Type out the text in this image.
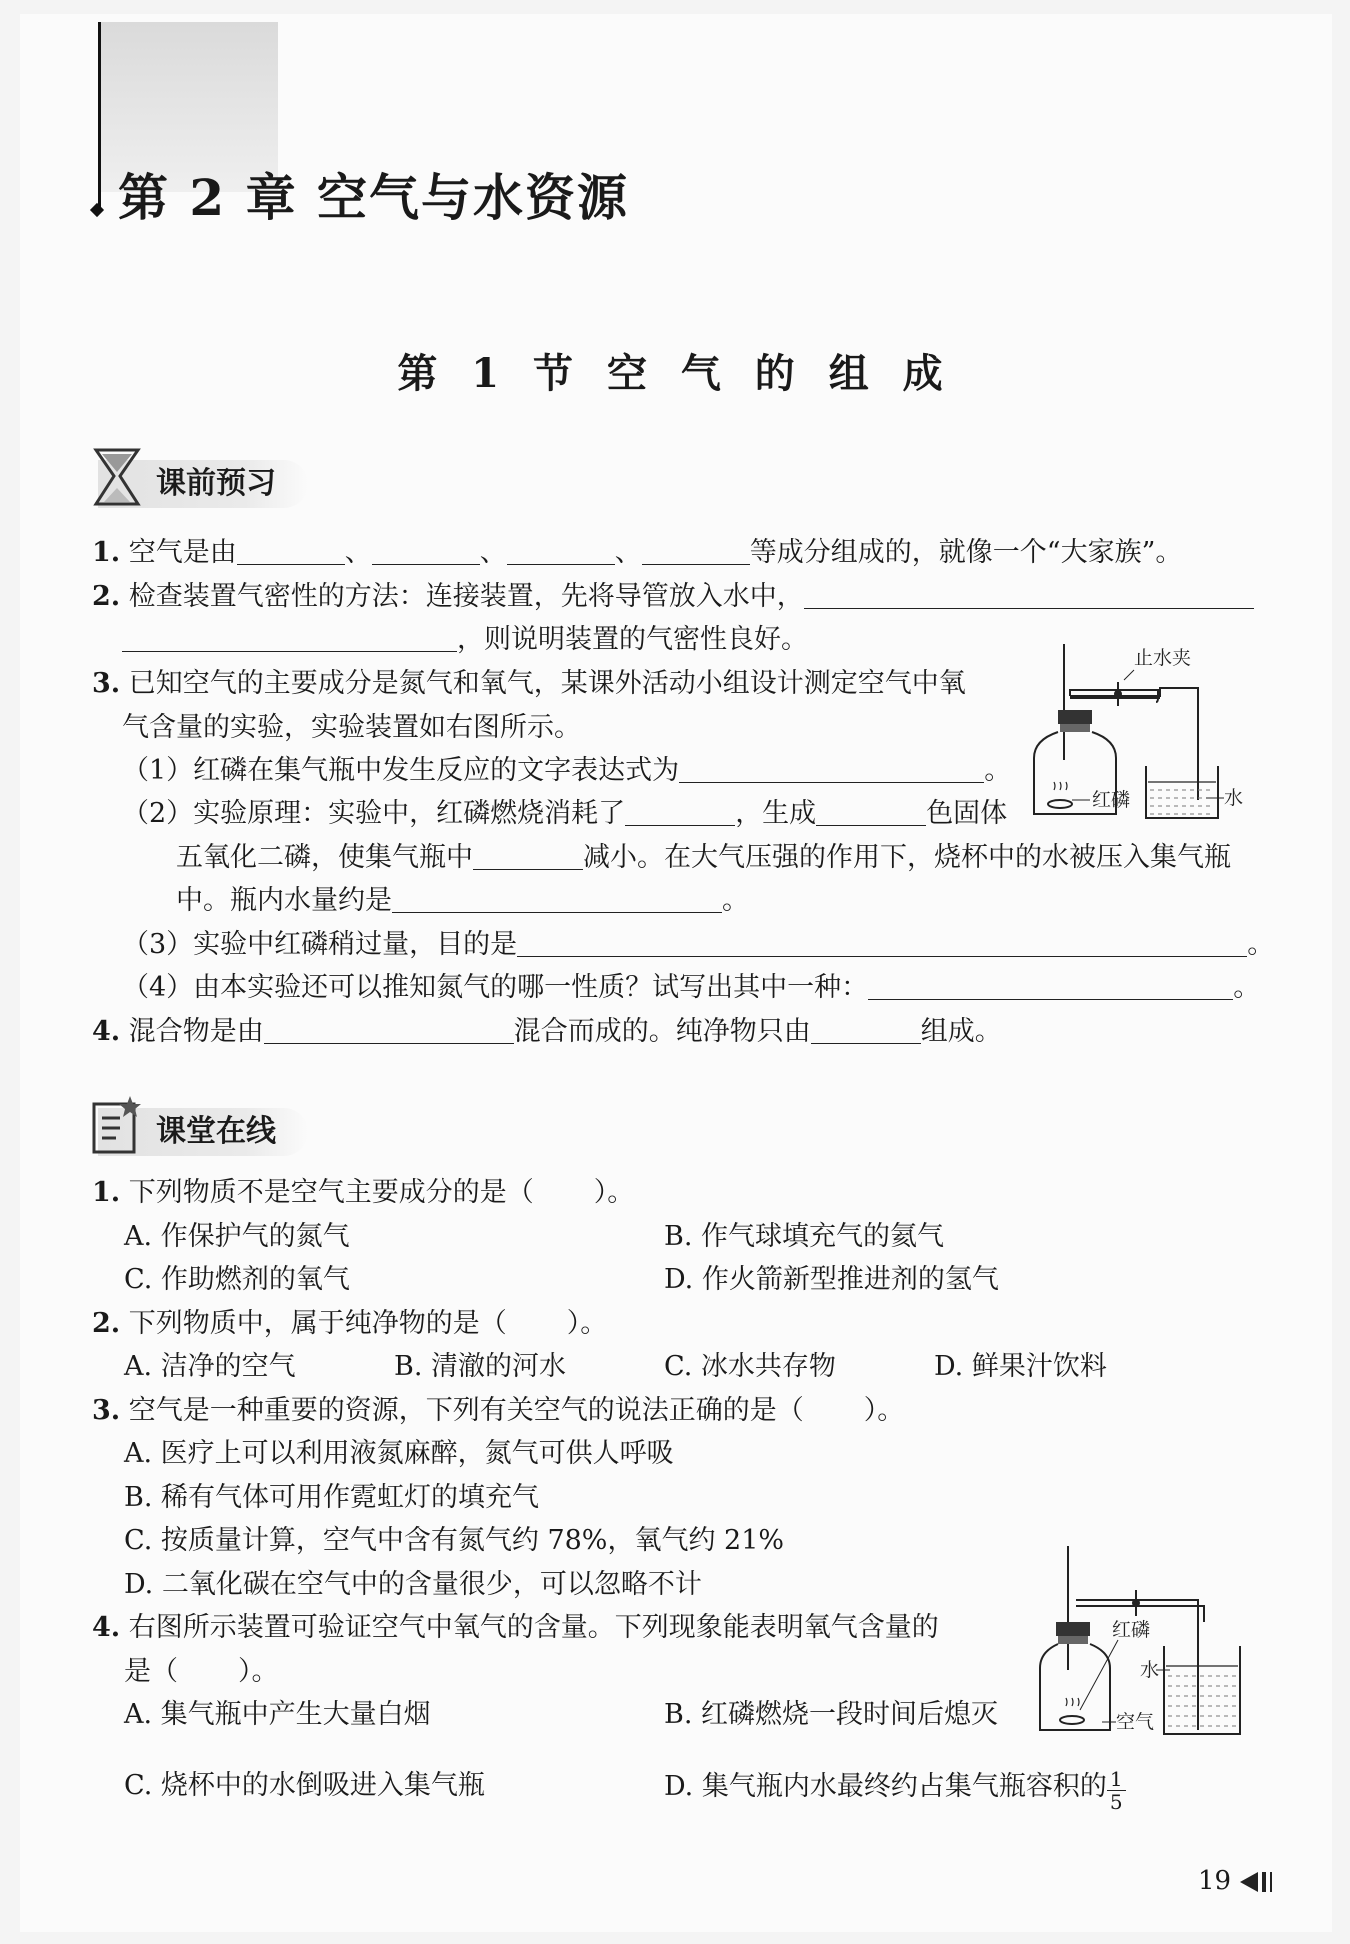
第 2 章 空气与水资源
第 1 节 空 气 的 组 成
课前预习
1. 空气是由	、	、	、	等成分组成的，就像一个“大家族”。
2. 检查装置气密性的方法：连接装置，先将导管放入水中，
，则说明装置的气密性良好。
3. 已知空气的主要成分是氮气和氧气，某课外活动小组设计测定空气中氧
气含量的实验，实验装置如右图所示。
（1）红磷在集气瓶中发生反应的文字表达式为	。
（2）实验原理：实验中，红磷燃烧消耗了	，生成	色固体
五氧化二磷，使集气瓶中	减小。在大气压强的作用下，烧杯中的水被压入集气瓶
中。瓶内水量约是	。
（3）实验中红磷稍过量，目的是	。
（4）由本实验还可以推知氮气的哪一性质？试写出其中一种：	。
4. 混合物是由	混合而成的。纯净物只由	组成。
止水夹
红磷	水
课堂在线
1. 下列物质不是空气主要成分的是（ ）。
A. 作保护气的氮气	B. 作气球填充气的氦气
C. 作助燃剂的氧气	D. 作火箭新型推进剂的氢气
2. 下列物质中，属于纯净物的是（ ）。
A. 洁净的空气	B. 清澈的河水	C. 冰水共存物	D. 鲜果汁饮料
3. 空气是一种重要的资源，下列有关空气的说法正确的是（ ）。
A. 医疗上可以利用液氮麻醉，氮气可供人呼吸
B. 稀有气体可用作霓虹灯的填充气
C. 按质量计算，空气中含有氮气约 78%，氧气约 21%
D. 二氧化碳在空气中的含量很少，可以忽略不计
4. 右图所示装置可验证空气中氧气的含量。下列现象能表明氧气含量的
是（ ）。
A. 集气瓶中产生大量白烟	B. 红磷燃烧一段时间后熄灭
C. 烧杯中的水倒吸进入集气瓶	D. 集气瓶内水最终约占集气瓶容积的 $\frac{1}{5}$
红磷
水
空气
19
